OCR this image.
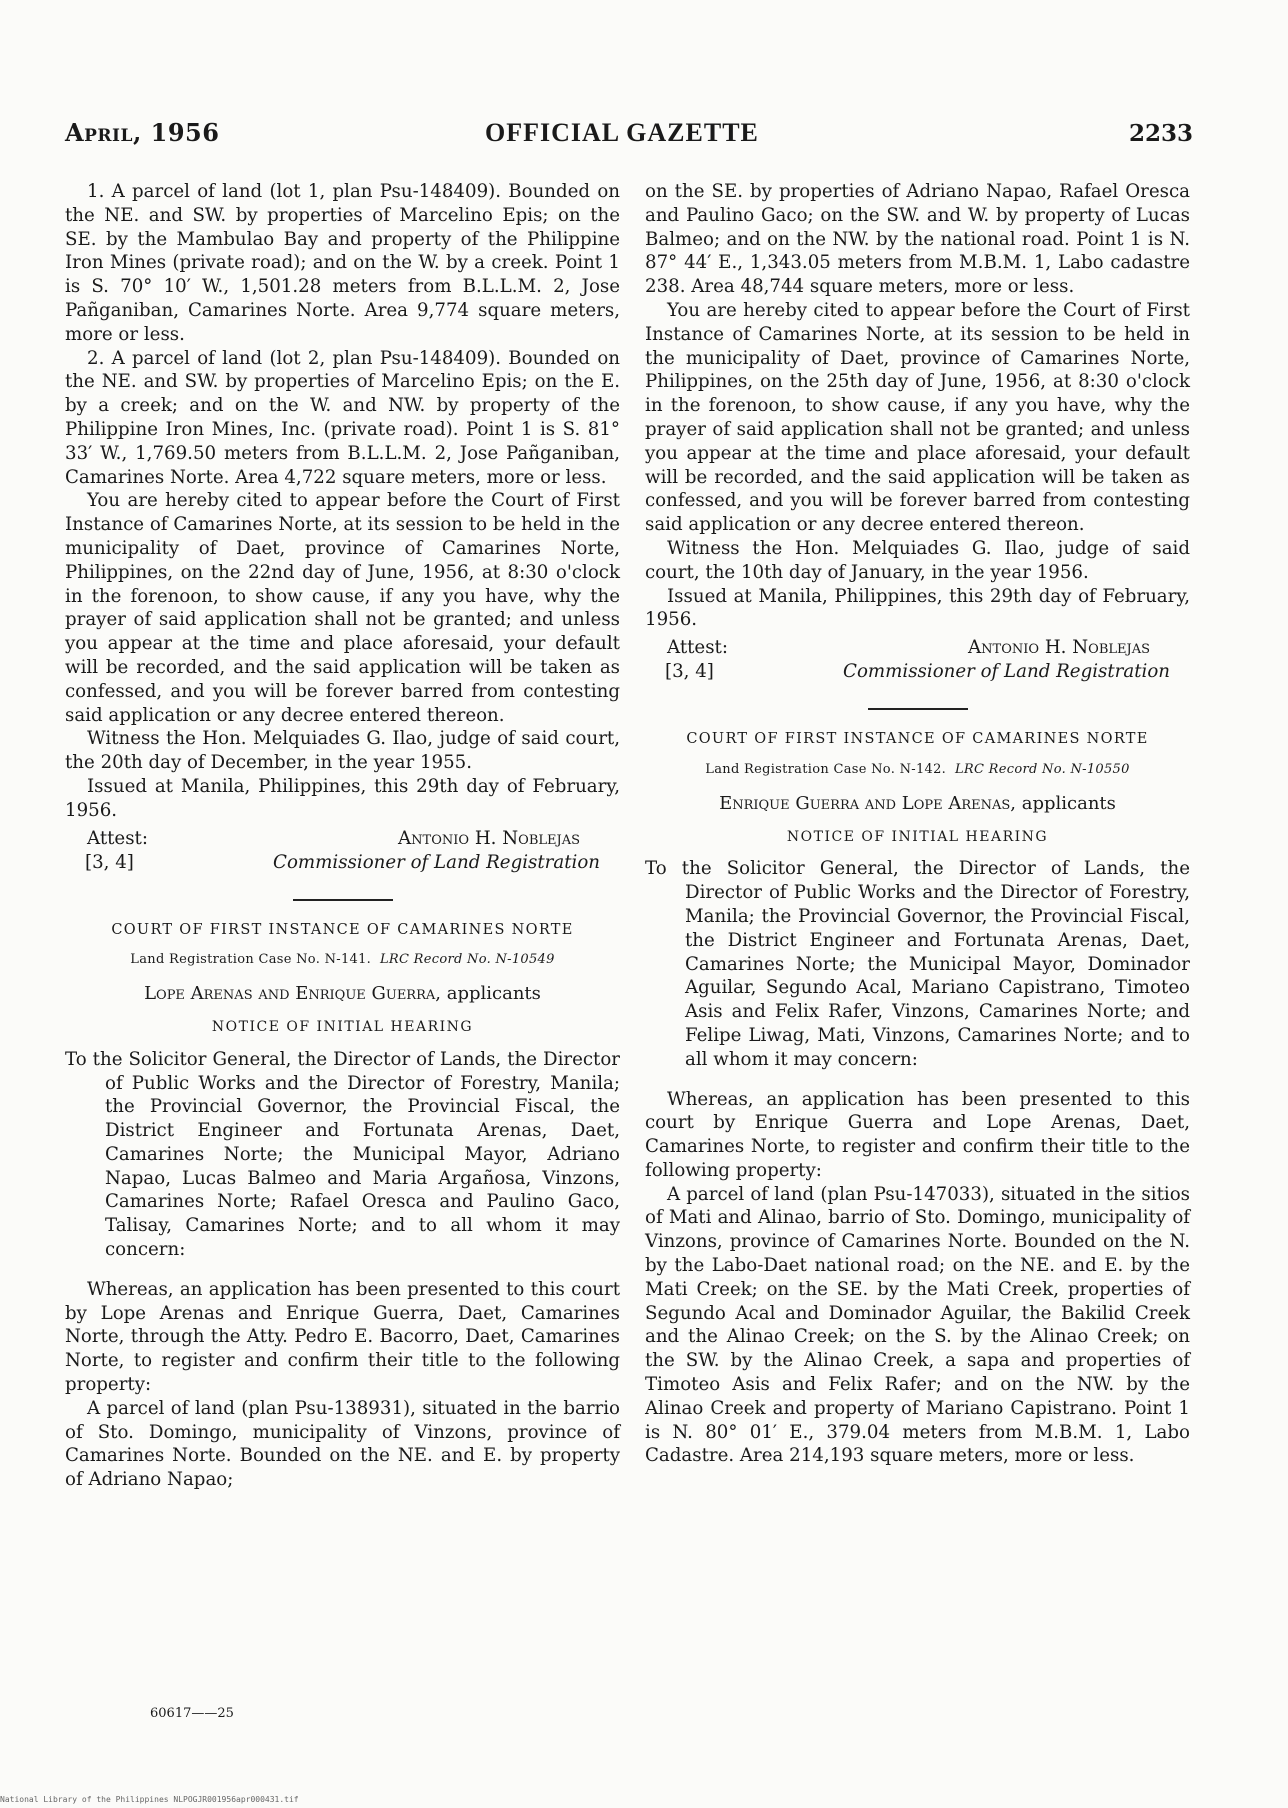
April, 1956	OFFICIAL GAZETTE	2233

1. A parcel of land (lot 1, plan Psu-148409). Bounded on the NE. and SW. by properties of Marcelino Epis; on the SE. by the Mambulao Bay and property of the Philippine Iron Mines (private road); and on the W. by a creek. Point 1 is S. 70° 10′ W., 1,501.28 meters from B.L.L.M. 2, Jose Pañganiban, Camarines Norte. Area 9,774 square meters, more or less.

2. A parcel of land (lot 2, plan Psu-148409). Bounded on the NE. and SW. by properties of Marcelino Epis; on the E. by a creek; and on the W. and NW. by property of the Philippine Iron Mines, Inc. (private road). Point 1 is S. 81° 33′ W., 1,769.50 meters from B.L.L.M. 2, Jose Pañganiban, Camarines Norte. Area 4,722 square meters, more or less.

You are hereby cited to appear before the Court of First Instance of Camarines Norte, at its session to be held in the municipality of Daet, province of Camarines Norte, Philippines, on the 22nd day of June, 1956, at 8:30 o'clock in the forenoon, to show cause, if any you have, why the prayer of said application shall not be granted; and unless you appear at the time and place aforesaid, your default will be recorded, and the said application will be taken as confessed, and you will be forever barred from contesting said application or any decree entered thereon.

Witness the Hon. Melquiades G. Ilao, judge of said court, the 20th day of December, in the year 1955.

Issued at Manila, Philippines, this 29th day of February, 1956.

Attest:
[3, 4]
Antonio H. Noblejas
Commissioner of Land Registration

COURT OF FIRST INSTANCE OF CAMARINES NORTE

Land Registration Case No. N-141. LRC Record No. N-10549

Lope Arenas and Enrique Guerra, applicants

NOTICE OF INITIAL HEARING

To the Solicitor General, the Director of Lands, the Director of Public Works and the Director of Forestry, Manila; the Provincial Governor, the Provincial Fiscal, the District Engineer and Fortunata Arenas, Daet, Camarines Norte; the Municipal Mayor, Adriano Napao, Lucas Balmeo and Maria Argañosa, Vinzons, Camarines Norte; Rafael Oresca and Paulino Gaco, Talisay, Camarines Norte; and to all whom it may concern:

Whereas, an application has been presented to this court by Lope Arenas and Enrique Guerra, Daet, Camarines Norte, through the Atty. Pedro E. Bacorro, Daet, Camarines Norte, to register and confirm their title to the following property:

A parcel of land (plan Psu-138931), situated in the barrio of Sto. Domingo, municipality of Vinzons, province of Camarines Norte. Bounded on the NE. and E. by property of Adriano Napao;

on the SE. by properties of Adriano Napao, Rafael Oresca and Paulino Gaco; on the SW. and W. by property of Lucas Balmeo; and on the NW. by the national road. Point 1 is N. 87° 44′ E., 1,343.05 meters from M.B.M. 1, Labo cadastre 238. Area 48,744 square meters, more or less.

You are hereby cited to appear before the Court of First Instance of Camarines Norte, at its session to be held in the municipality of Daet, province of Camarines Norte, Philippines, on the 25th day of June, 1956, at 8:30 o'clock in the forenoon, to show cause, if any you have, why the prayer of said application shall not be granted; and unless you appear at the time and place aforesaid, your default will be recorded, and the said application will be taken as confessed, and you will be forever barred from contesting said application or any decree entered thereon.

Witness the Hon. Melquiades G. Ilao, judge of said court, the 10th day of January, in the year 1956.

Issued at Manila, Philippines, this 29th day of February, 1956.

Attest:
[3, 4]
Antonio H. Noblejas
Commissioner of Land Registration

COURT OF FIRST INSTANCE OF CAMARINES NORTE

Land Registration Case No. N-142. LRC Record No. N-10550

Enrique Guerra and Lope Arenas, applicants

NOTICE OF INITIAL HEARING

To the Solicitor General, the Director of Lands, the Director of Public Works and the Director of Forestry, Manila; the Provincial Governor, the Provincial Fiscal, the District Engineer and Fortunata Arenas, Daet, Camarines Norte; the Municipal Mayor, Dominador Aguilar, Segundo Acal, Mariano Capistrano, Timoteo Asis and Felix Rafer, Vinzons, Camarines Norte; and Felipe Liwag, Mati, Vinzons, Camarines Norte; and to all whom it may concern:

Whereas, an application has been presented to this court by Enrique Guerra and Lope Arenas, Daet, Camarines Norte, to register and confirm their title to the following property:

A parcel of land (plan Psu-147033), situated in the sitios of Mati and Alinao, barrio of Sto. Domingo, municipality of Vinzons, province of Camarines Norte. Bounded on the N. by the Labo-Daet national road; on the NE. and E. by the Mati Creek; on the SE. by the Mati Creek, properties of Segundo Acal and Dominador Aguilar, the Bakilid Creek and the Alinao Creek; on the S. by the Alinao Creek; on the SW. by the Alinao Creek, a sapa and properties of Timoteo Asis and Felix Rafer; and on the NW. by the Alinao Creek and property of Mariano Capistrano. Point 1 is N. 80° 01′ E., 379.04 meters from M.B.M. 1, Labo Cadastre. Area 214,193 square meters, more or less.

60617——25
National Library of the Philippines NLPOGJR001956apr000431.tif
